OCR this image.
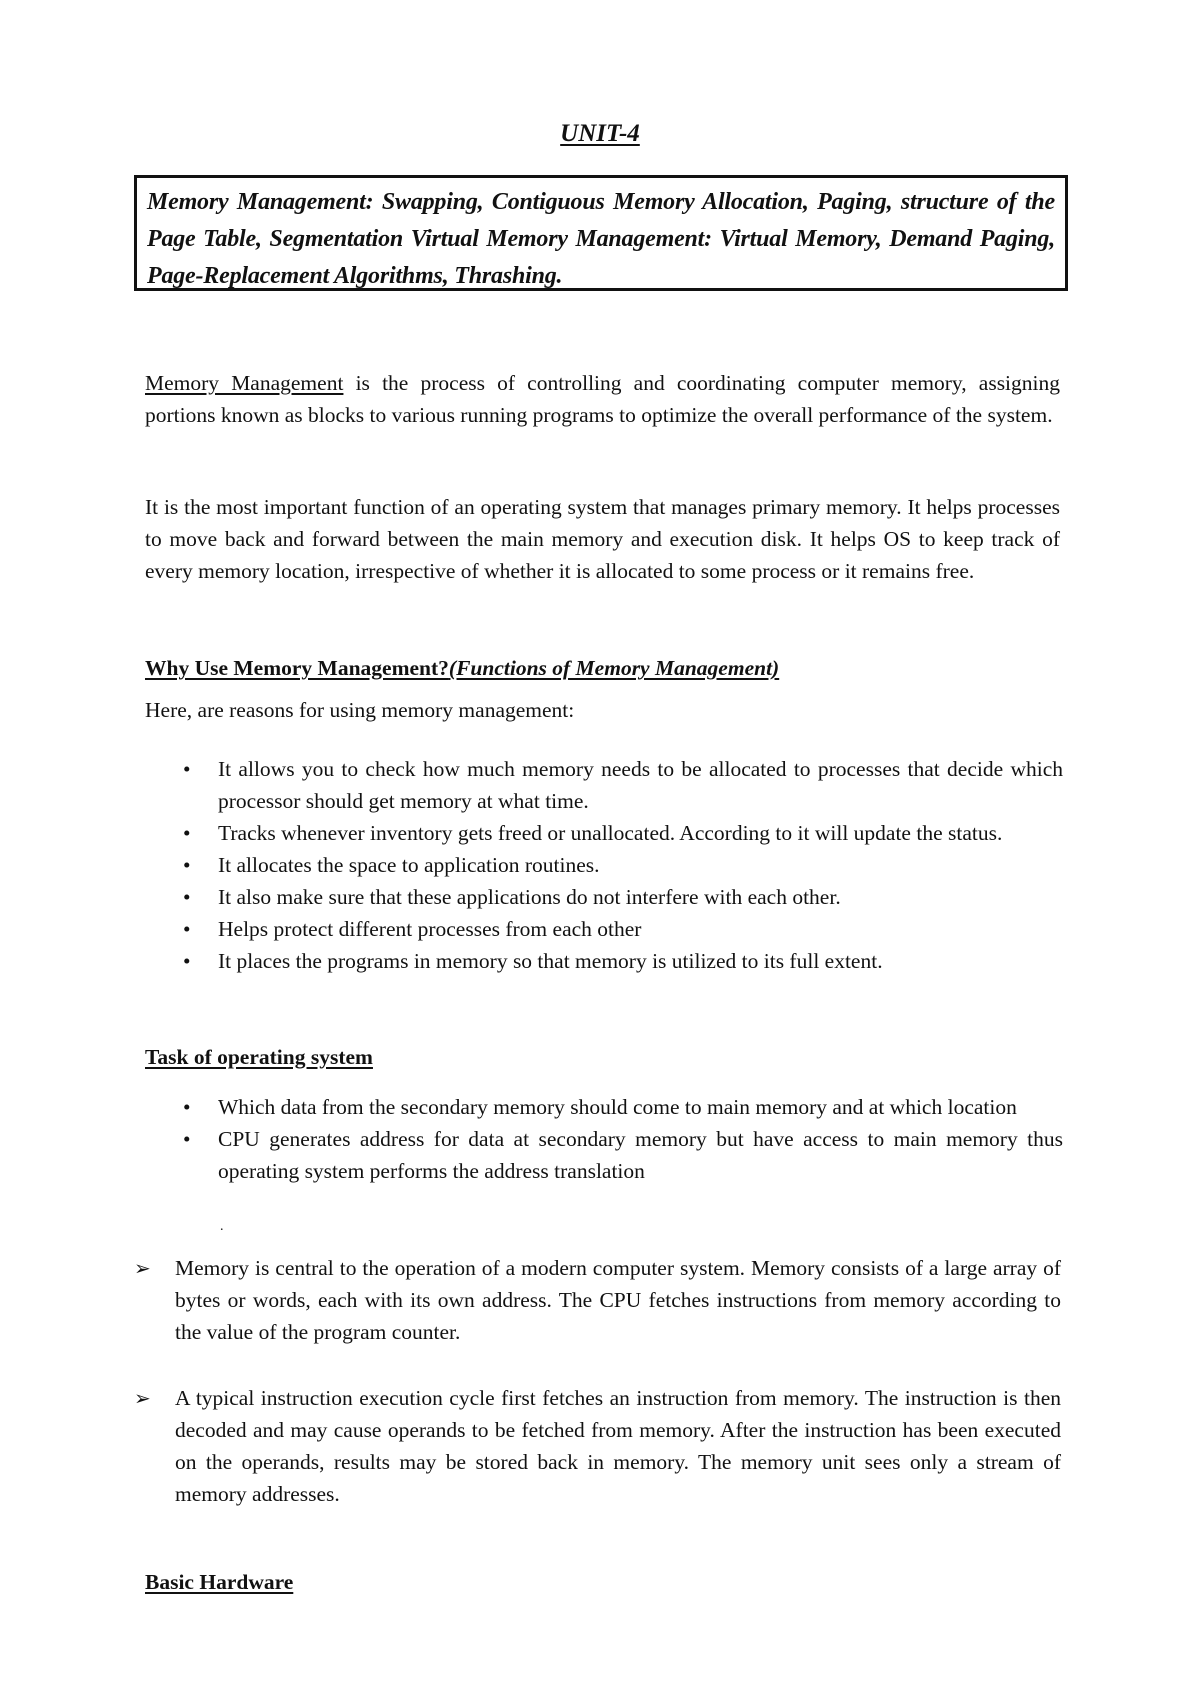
UNIT-4
Memory Management: Swapping, Contiguous Memory Allocation, Paging, structure of the Page Table, Segmentation Virtual Memory Management: Virtual Memory, Demand Paging, Page-Replacement Algorithms, Thrashing.

Memory Management is the process of controlling and coordinating computer memory, assigning portions known as blocks to various running programs to optimize the overall performance of the system.

It is the most important function of an operating system that manages primary memory. It helps processes to move back and forward between the main memory and execution disk. It helps OS to keep track of every memory location, irrespective of whether it is allocated to some process or it remains free.

Why Use Memory Management?(Functions of Memory Management)
Here, are reasons for using memory management:
• It allows you to check how much memory needs to be allocated to processes that decide which processor should get memory at what time.
• Tracks whenever inventory gets freed or unallocated. According to it will update the status.
• It allocates the space to application routines.
• It also make sure that these applications do not interfere with each other.
• Helps protect different processes from each other
• It places the programs in memory so that memory is utilized to its full extent.
Task of operating system
• Which data from the secondary memory should come to main memory and at which location
• CPU generates address for data at secondary memory but have access to main memory thus operating system performs the address translation
.
➢ Memory is central to the operation of a modern computer system. Memory consists of a large array of bytes or words, each with its own address. The CPU fetches instructions from memory according to the value of the program counter.
➢ A typical instruction execution cycle first fetches an instruction from memory. The instruction is then decoded and may cause operands to be fetched from memory. After the instruction has been executed on the operands, results may be stored back in memory. The memory unit sees only a stream of memory addresses.
Basic Hardware
